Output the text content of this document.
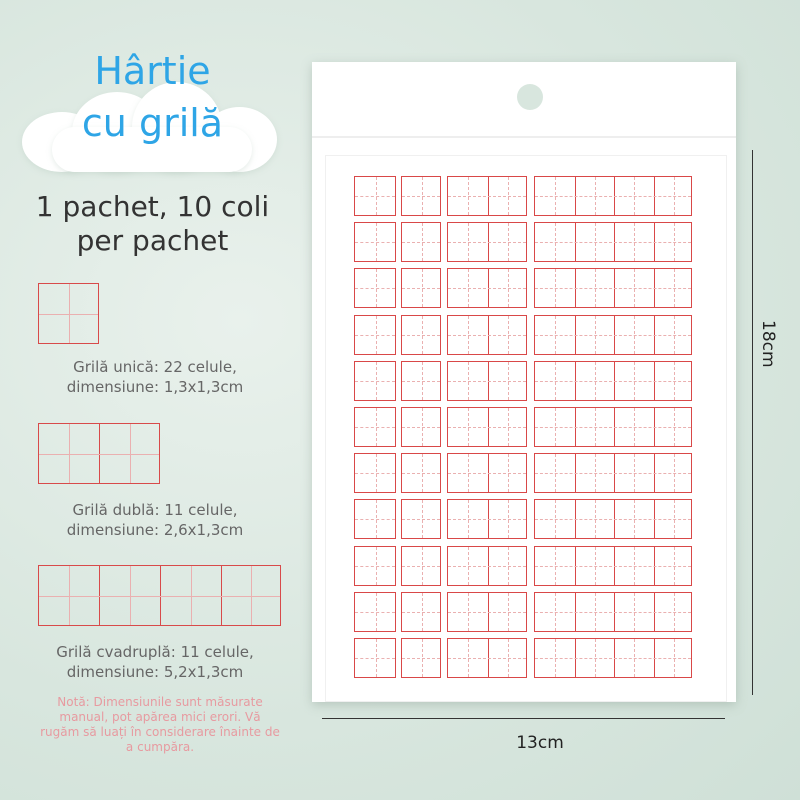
Hârtie
cu grilă
1 pachet, 10 coli
per pachet
Grilă unică: 22 celule,
dimensiune: 1,3x1,3cm
Grilă dublă: 11 celule,
dimensiune: 2,6x1,3cm
Grilă cvadruplă: 11 celule,
dimensiune: 5,2x1,3cm
Notă: Dimensiunile sunt măsurate manual, pot apărea mici erori. Vă rugăm să luați în considerare înainte de a cumpăra.
18cm
13cm
